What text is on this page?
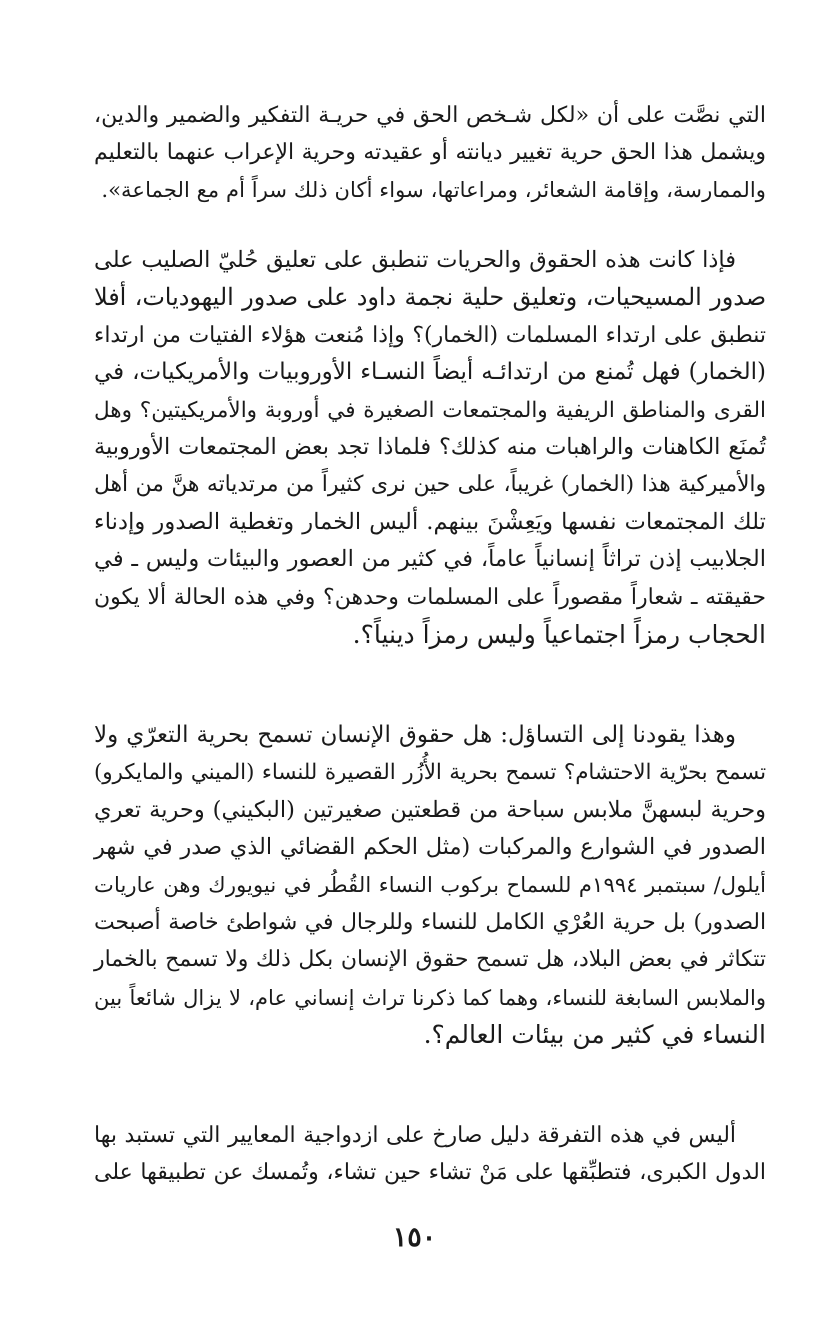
التي نصَّت على أن «لكل شـخص الحق في حريـة التفكير والضمير والدين،
ويشمل هذا الحق حرية تغيير ديانته أو عقيدته وحرية الإعراب عنهما بالتعليم
والممارسة، وإقامة الشعائر، ومراعاتها، سواء أكان ذلك سراً أم مع الجماعة».
فإذا كانت هذه الحقوق والحريات تنطبق على تعليق حُليّ الصليب على
صدور المسيحيات، وتعليق حلية نجمة داود على صدور اليهوديات، أفلا
تنطبق على ارتداء المسلمات (الخمار)؟ وإذا مُنعت هؤلاء الفتيات من ارتداء
(الخمار) فهل تُمنع من ارتدائـه أيضاً النسـاء الأوروبيات والأمريكيات، في
القرى والمناطق الريفية والمجتمعات الصغيرة في أوروبة والأمريكيتين؟ وهل
تُمنَع الكاهنات والراهبات منه كذلك؟ فلماذا تجد بعض المجتمعات الأوروبية
والأميركية هذا (الخمار) غريباً، على حين نرى كثيراً من مرتدياته هنَّ من أهل
تلك المجتمعات نفسها ويَعِشْنَ بينهم. أليس الخمار وتغطية الصدور وإدناء
الجلابيب إذن تراثاً إنسانياً عاماً، في كثير من العصور والبيئات وليس ـ في
حقيقته ـ شعاراً مقصوراً على المسلمات وحدهن؟ وفي هذه الحالة ألا يكون
الحجاب رمزاً اجتماعياً وليس رمزاً دينياً؟.
وهذا يقودنا إلى التساؤل: هل حقوق الإنسان تسمح بحرية التعرّي ولا
تسمح بحرّية الاحتشام؟ تسمح بحرية الأُزُر القصيرة للنساء (الميني والمايكرو)
وحرية لبسهنَّ ملابس سباحة من قطعتين صغيرتين (البكيني) وحرية تعري
الصدور في الشوارع والمركبات (مثل الحكم القضائي الذي صدر في شهر
أيلول/ سبتمبر ١٩٩٤م للسماح بركوب النساء القُطُر في نيويورك وهن عاريات
الصدور) بل حرية العُرْي الكامل للنساء وللرجال في شواطئ خاصة أصبحت
تتكاثر في بعض البلاد، هل تسمح حقوق الإنسان بكل ذلك ولا تسمح بالخمار
والملابس السابغة للنساء، وهما كما ذكرنا تراث إنساني عام، لا يزال شائعاً بين
النساء في كثير من بيئات العالم؟.
أليس في هذه التفرقة دليل صارخ على ازدواجية المعايير التي تستبد بها
الدول الكبرى، فتطبِّقها على مَنْ تشاء حين تشاء، وتُمسك عن تطبيقها على
١٥٠
